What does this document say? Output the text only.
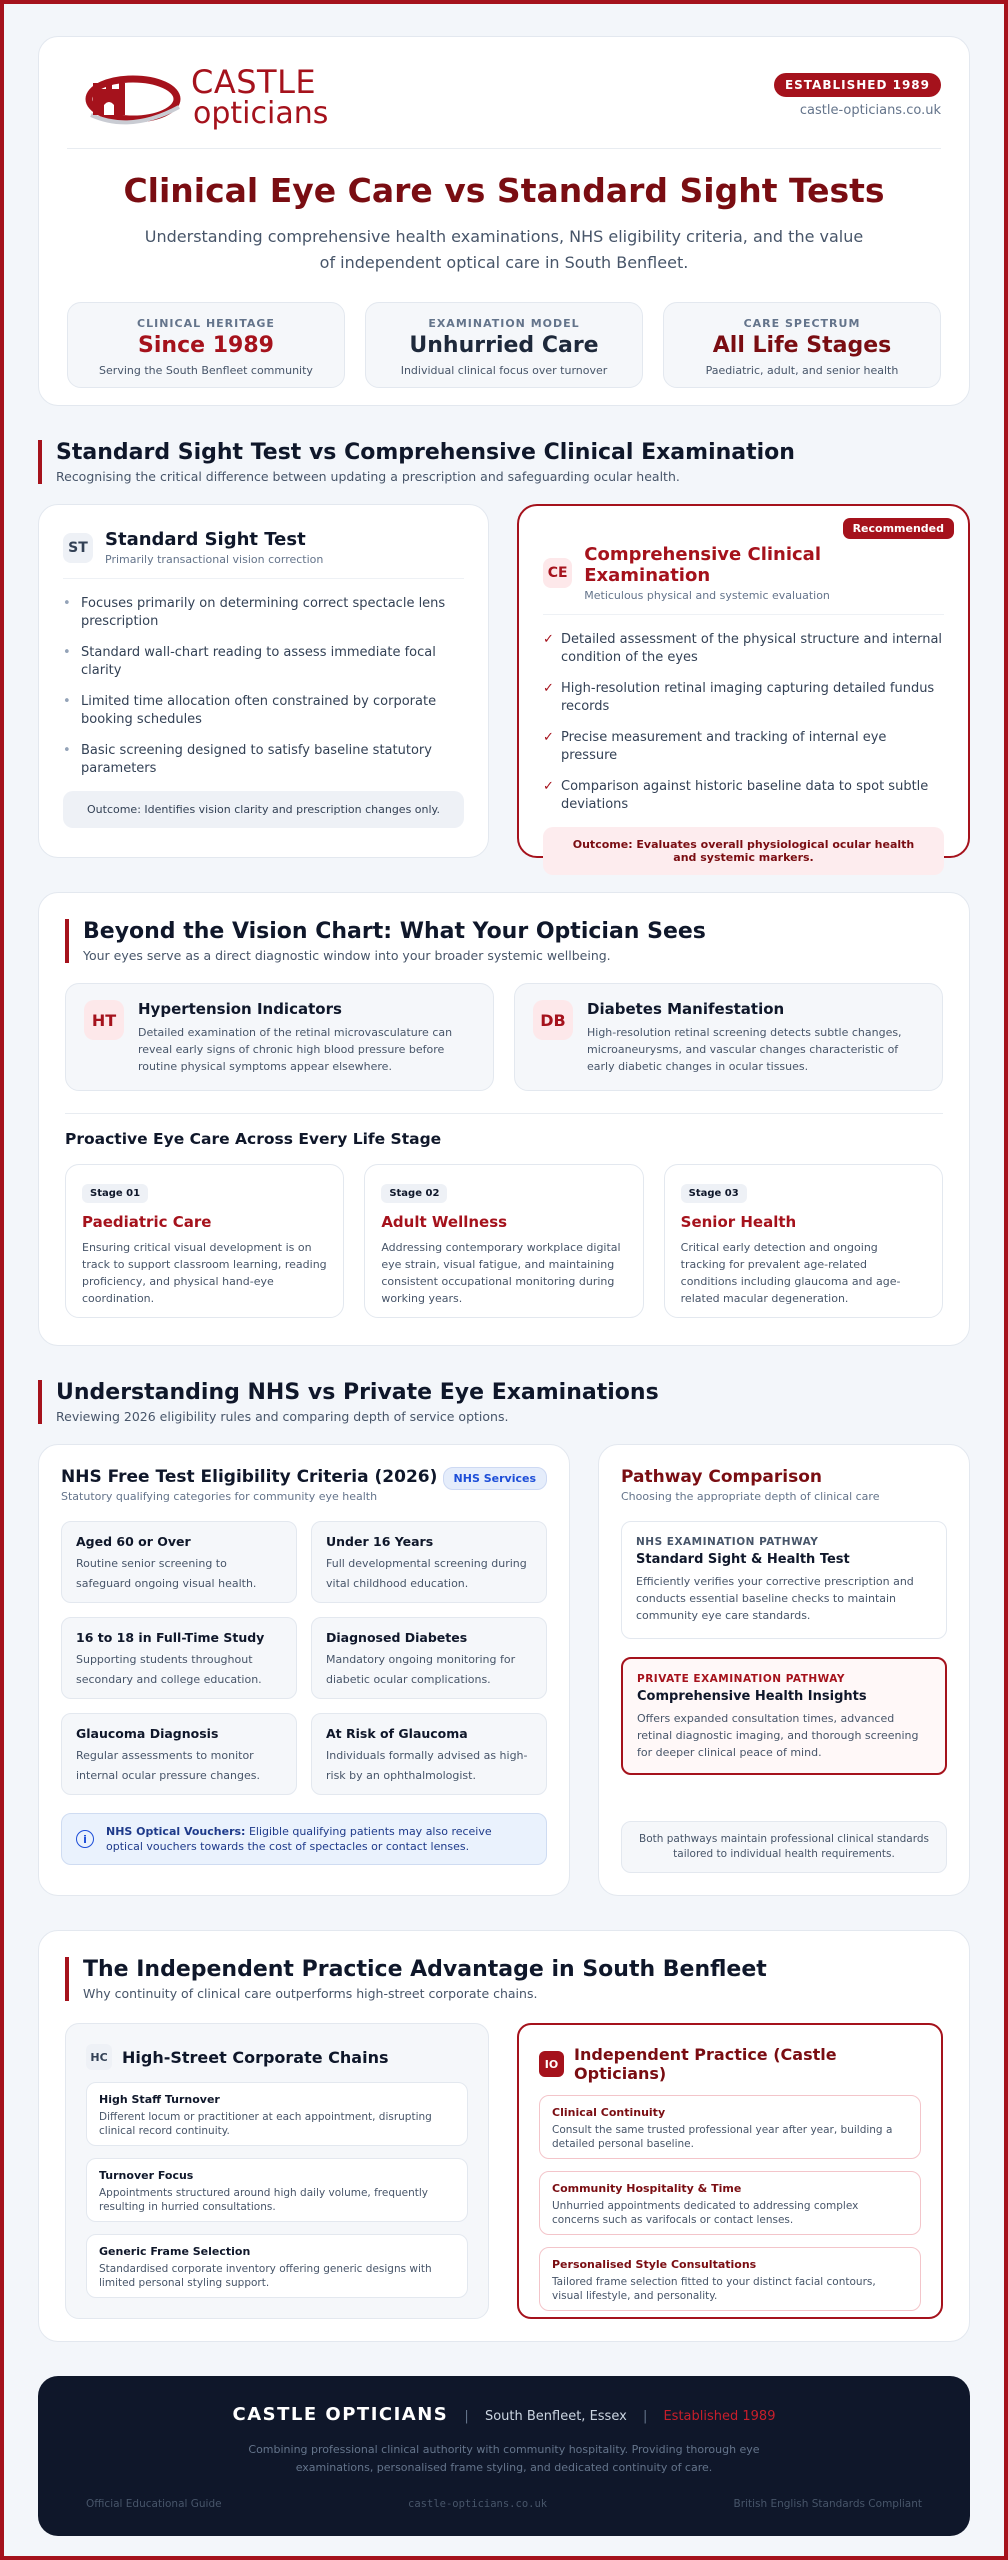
CASTLE
opticians
ESTABLISHED 1989
castle-opticians.co.uk
Clinical Eye Care vs Standard Sight Tests

Understanding comprehensive health examinations, NHS eligibility criteria, and the value of independent optical care in South Benfleet.

CLINICAL HERITAGE
Since 1989
Serving the South Benfleet community
EXAMINATION MODEL
Unhurried Care
Individual clinical focus over turnover
CARE SPECTRUM
All Life Stages
Paediatric, adult, and senior health
Standard Sight Test vs Comprehensive Clinical Examination

Recognising the critical difference between updating a prescription and safeguarding ocular health.

ST Standard Sight Test
Primarily transactional vision correction
• Focuses primarily on determining correct spectacle lens prescription
• Standard wall-chart reading to assess immediate focal clarity
• Limited time allocation often constrained by corporate booking schedules
• Basic screening designed to satisfy baseline statutory parameters
Outcome: Identifies vision clarity and prescription changes only.
Recommended
CE
Comprehensive Clinical Examination
Meticulous physical and systemic evaluation
✓ Detailed assessment of the physical structure and internal condition of the eyes
✓ High-resolution retinal imaging capturing detailed fundus records
✓ Precise measurement and tracking of internal eye pressure
✓ Comparison against historic baseline data to spot subtle deviations
Outcome: Evaluates overall physiological ocular health and systemic markers.
Beyond the Vision Chart: What Your Optician Sees

Your eyes serve as a direct diagnostic window into your broader systemic wellbeing.

HT
Hypertension Indicators
Detailed examination of the retinal microvasculature can reveal early signs of chronic high blood pressure before routine physical symptoms appear elsewhere.
DB
Diabetes Manifestation
High-resolution retinal screening detects subtle changes, microaneurysms, and vascular changes characteristic of early diabetic changes in ocular tissues.
Proactive Eye Care Across Every Life Stage
Stage 01
Paediatric Care
Ensuring critical visual development is on track to support classroom learning, reading proficiency, and physical hand-eye coordination.
Stage 02
Adult Wellness
Addressing contemporary workplace digital eye strain, visual fatigue, and maintaining consistent occupational monitoring during working years.
Stage 03
Senior Health
Critical early detection and ongoing tracking for prevalent age-related conditions including glaucoma and age-related macular degeneration.
Understanding NHS vs Private Eye Examinations

Reviewing 2026 eligibility rules and comparing depth of service options.

NHS Free Test Eligibility Criteria (2026)
Statutory qualifying categories for community eye health
NHS Services
Aged 60 or Over
Routine senior screening to safeguard ongoing visual health.
Under 16 Years
Full developmental screening during vital childhood education.
16 to 18 in Full-Time Study
Supporting students throughout secondary and college education.
Diagnosed Diabetes
Mandatory ongoing monitoring for diabetic ocular complications.
Glaucoma Diagnosis
Regular assessments to monitor internal ocular pressure changes.
At Risk of Glaucoma
Individuals formally advised as high-risk by an ophthalmologist.
i
NHS Optical Vouchers: Eligible qualifying patients may also receive optical vouchers towards the cost of spectacles or contact lenses.
Pathway Comparison
Choosing the appropriate depth of clinical care
NHS EXAMINATION PATHWAY
Standard Sight & Health Test
Efficiently verifies your corrective prescription and conducts essential baseline checks to maintain community eye care standards.
PRIVATE EXAMINATION PATHWAY
Comprehensive Health Insights
Offers expanded consultation times, advanced retinal diagnostic imaging, and thorough screening for deeper clinical peace of mind.
Both pathways maintain professional clinical standards tailored to individual health requirements.
The Independent Practice Advantage in South Benfleet

Why continuity of clinical care outperforms high-street corporate chains.

HC High-Street Corporate Chains
High Staff Turnover
Different locum or practitioner at each appointment, disrupting clinical record continuity.
Turnover Focus
Appointments structured around high daily volume, frequently resulting in hurried consultations.
Generic Frame Selection
Standardised corporate inventory offering generic designs with limited personal styling support.
IO Independent Practice (Castle Opticians)
Clinical Continuity
Consult the same trusted professional year after year, building a detailed personal baseline.
Community Hospitality & Time
Unhurried appointments dedicated to addressing complex concerns such as varifocals or contact lenses.
Personalised Style Consultations
Tailored frame selection fitted to your distinct facial contours, visual lifestyle, and personality.
CASTLE OPTICIANS | South Benfleet, Essex | Established 1989
Combining professional clinical authority with community hospitality. Providing thorough eye examinations, personalised frame styling, and dedicated continuity of care.
Official Educational Guide	castle-opticians.co.uk	British English Standards Compliant
